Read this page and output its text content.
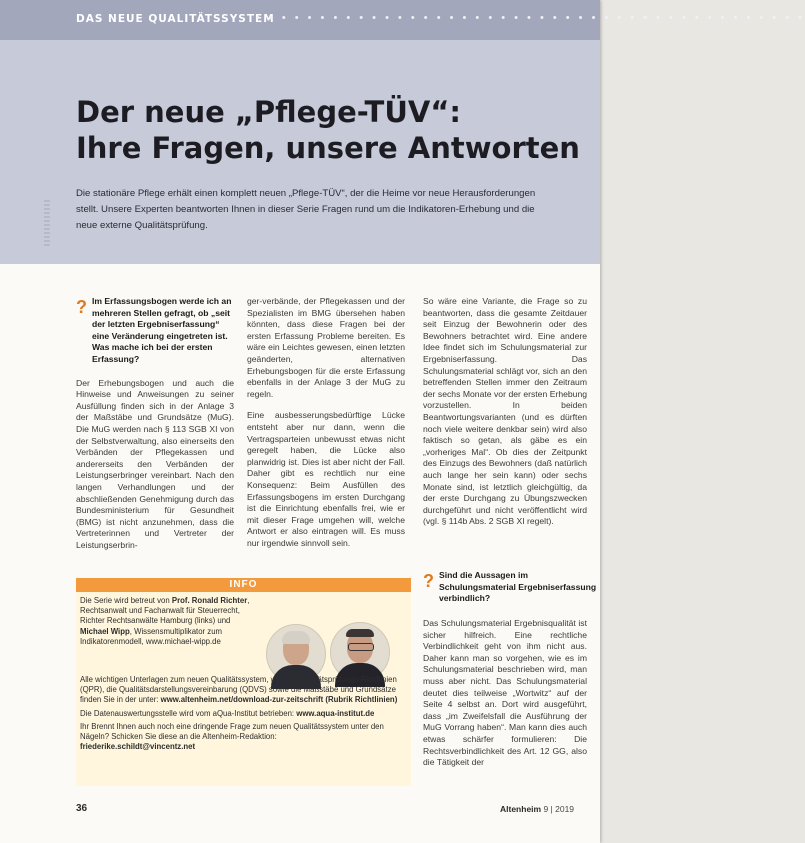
DAS NEUE QUALITÄTSSYSTEM
• • • • • • • • • • • • • • • • • • • • • • • • • • • • • • • • • • • • • • • • • • •
Der neue „Pflege-TÜV“:
Ihre Fragen, unsere Antworten
Die stationäre Pflege erhält einen komplett neuen „Pflege-TÜV“, der die Heime vor neue Herausforderungen stellt. Unsere Experten beantworten Ihnen in dieser Serie Fragen rund um die Indikatoren-Erhebung und die neue externe Qualitätsprüfung.

? Im Erfassungsbogen werde ich an mehreren Stellen gefragt, ob „seit der letzten Ergebniserfassung“ eine Veränderung eingetreten ist. Was mache ich bei der ersten Erfassung?

Der Erhebungsbogen und auch die Hinweise und Anweisungen zu seiner Ausfüllung finden sich in der Anlage 3 der Maßstäbe und Grundsätze (MuG). Die MuG werden nach § 113 SGB XI von der Selbstverwaltung, also einerseits den Verbänden der Pflegekassen und andererseits den Verbänden der Leistungserbringer vereinbart. Nach den langen Verhandlungen und der abschließenden Genehmigung durch das Bundesministerium für Gesundheit (BMG) ist nicht anzunehmen, dass die Vertreterinnen und Vertreter der Leistungserbrin-

ger-verbände, der Pflegekassen und der Spezialisten im BMG übersehen haben könnten, dass diese Fragen bei der ersten Erfassung Probleme bereiten. Es wäre ein Leichtes gewesen, einen letzten geänderten, alternativen Erhebungsbogen für die erste Erfassung ebenfalls in der Anlage 3 der MuG zu regeln.

Eine ausbesserungsbedürftige Lücke entsteht aber nur dann, wenn die Vertragsparteien unbewusst etwas nicht geregelt haben, die Lücke also planwidrig ist. Dies ist aber nicht der Fall. Daher gibt es rechtlich nur eine Konsequenz: Beim Ausfüllen des Erfassungsbogens im ersten Durchgang ist die Einrichtung ebenfalls frei, wie er mit dieser Frage umgehen will, welche Antwort er also eintragen will. Es muss nur irgendwie sinnvoll sein.

So wäre eine Variante, die Frage so zu beantworten, dass die gesamte Zeitdauer seit Einzug der Bewohnerin oder des Bewohners betrachtet wird. Eine andere Idee findet sich im Schulungsmaterial zur Ergebniserfassung. Das Schulungsmaterial schlägt vor, sich an den betreffenden Stellen immer den Zeitraum der sechs Monate vor der ersten Erhebung vorzustellen. In beiden Beantwortungsvarianten (und es dürften noch viele weitere denkbar sein) wird also faktisch so getan, als gäbe es ein „vorheriges Mal“. Ob dies der Zeitpunkt des Einzugs des Bewohners (daß natürlich auch lange her sein kann) oder sechs Monate sind, ist letztlich gleichgültig, da der erste Durchgang zu Übungszwecken durchgeführt und nicht veröffentlicht wird (vgl. § 114b Abs. 2 SGB XI regelt).

? Sind die Aussagen im Schulungsmaterial Ergebniserfassung verbindlich?
Das Schulungsmaterial Ergebnisqualität ist sicher hilfreich. Eine rechtliche Verbindlichkeit geht von ihm nicht aus. Daher kann man so vorgehen, wie es im Schulungsmaterial beschrieben wird, man muss aber nicht. Das Schulungsmaterial deutet dies teilweise „Wortwitz“ auf der Seite 4 selbst an. Dort wird ausgeführt, dass „im Zweifelsfall die Ausführung der MuG Vorrang haben“. Man kann dies auch etwas schärfer formulieren: Die Rechtsverbindlichkeit des Art. 12 GG, also die Tätigkeit der
INFO

Die Serie wird betreut von Prof. Ronald Richter, Rechtsanwalt und Fachanwalt für Steuerrecht, Richter Rechtsanwälte Hamburg (links) und Michael Wipp, Wissensmultiplikator zum Indikatorenmodell, www.michael-wipp.de

Alle wichtigen Unterlagen zum neuen Qualitätssystem, wie die Qualitätsprüfungs-Richtlinien (QPR), die Qualitätsdarstellungsvereinbarung (QDVS) sowie die Maßstäbe und Grundsätze finden Sie in der unter: www.altenheim.net/download-zur-zeitschrift (Rubrik Richtlinien)

Die Datenauswertungsstelle wird vom aQua-Institut betrieben: www.aqua-institut.de

Ihr Brennt Ihnen auch noch eine dringende Frage zum neuen Qualitätssystem unter den Nägeln? Schicken Sie diese an die Altenheim-Redaktion:
friederike.schildt@vincentz.net

36	Altenheim 9 | 2019
